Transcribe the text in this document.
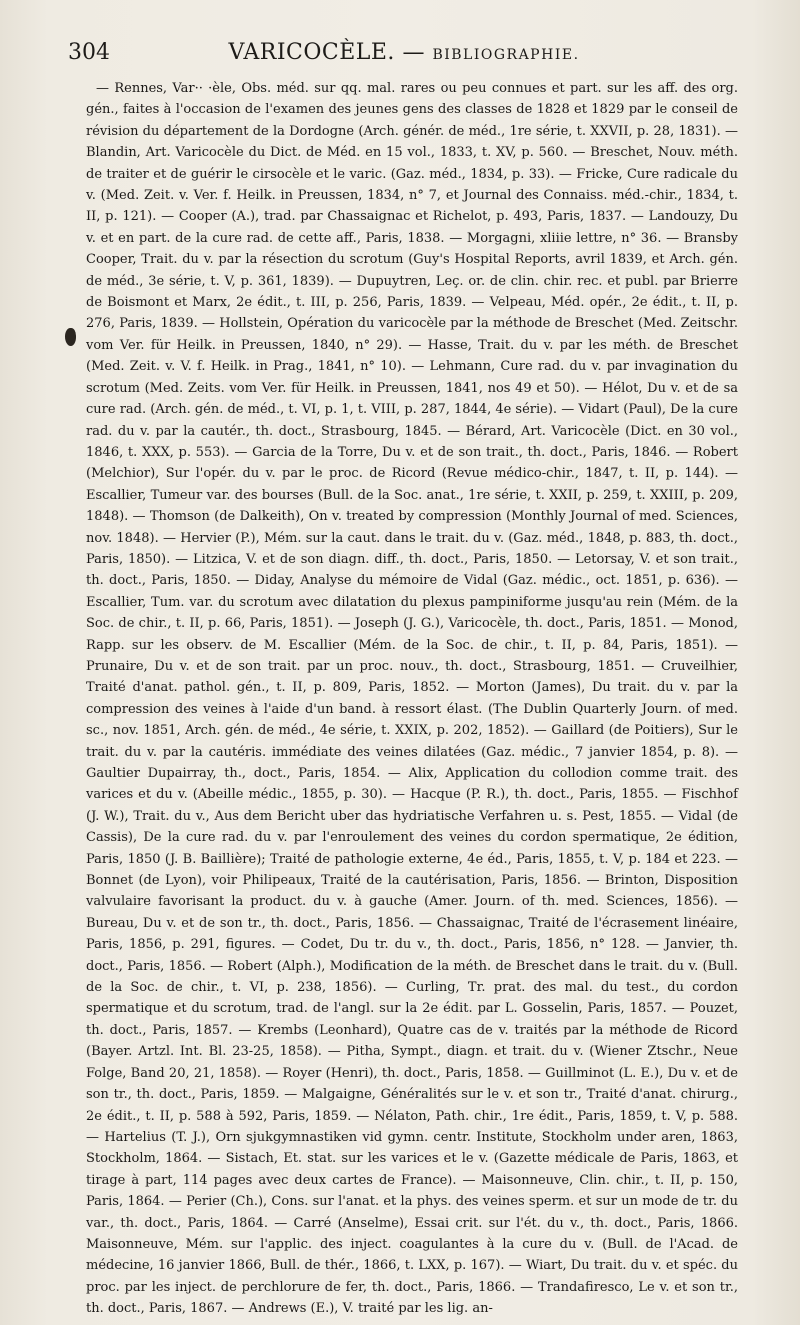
304	VARICOCÈLE. — BIBLIOGRAPHIE.

— Rennes, Var·· ·èle, Obs. méd. sur qq. mal. rares ou peu connues et part. sur les aff. des org. gén., faites à l'occasion de l'examen des jeunes gens des classes de 1828 et 1829 par le conseil de révision du département de la Dordogne (Arch. génér. de méd., 1re série, t. XXVII, p. 28, 1831). — Blandin, Art. Varicocèle du Dict. de Méd. en 15 vol., 1833, t. XV, p. 560. — Breschet, Nouv. méth. de traiter et de guérir le cirsocèle et le varic. (Gaz. méd., 1834, p. 33). — Fricke, Cure radicale du v. (Med. Zeit. v. Ver. f. Heilk. in Preussen, 1834, n° 7, et Journal des Connaiss. méd.-chir., 1834, t. II, p. 121). — Cooper (A.), trad. par Chassaignac et Richelot, p. 493, Paris, 1837. — Landouzy, Du v. et en part. de la cure rad. de cette aff., Paris, 1838. — Morgagni, xliiie lettre, n° 36. — Bransby Cooper, Trait. du v. par la résection du scrotum (Guy's Hospital Reports, avril 1839, et Arch. gén. de méd., 3e série, t. V, p. 361, 1839). — Dupuytren, Leç. or. de clin. chir. rec. et publ. par Brierre de Boismont et Marx, 2e édit., t. III, p. 256, Paris, 1839. — Velpeau, Méd. opér., 2e édit., t. II, p. 276, Paris, 1839. — Hollstein, Opération du varicocèle par la méthode de Breschet (Med. Zeitschr. vom Ver. für Heilk. in Preussen, 1840, n° 29). — Hasse, Trait. du v. par les méth. de Breschet (Med. Zeit. v. V. f. Heilk. in Prag., 1841, n° 10). — Lehmann, Cure rad. du v. par invagination du scrotum (Med. Zeits. vom Ver. für Heilk. in Preussen, 1841, nos 49 et 50). — Hélot, Du v. et de sa cure rad. (Arch. gén. de méd., t. VI, p. 1, t. VIII, p. 287, 1844, 4e série). — Vidart (Paul), De la cure rad. du v. par la cautér., th. doct., Strasbourg, 1845. — Bérard, Art. Varicocèle (Dict. en 30 vol., 1846, t. XXX, p. 553). — Garcia de la Torre, Du v. et de son trait., th. doct., Paris, 1846. — Robert (Melchior), Sur l'opér. du v. par le proc. de Ricord (Revue médico-chir., 1847, t. II, p. 144). — Escallier, Tumeur var. des bourses (Bull. de la Soc. anat., 1re série, t. XXII, p. 259, t. XXIII, p. 209, 1848). — Thomson (de Dalkeith), On v. treated by compression (Monthly Journal of med. Sciences, nov. 1848). — Hervier (P.), Mém. sur la caut. dans le trait. du v. (Gaz. méd., 1848, p. 883, th. doct., Paris, 1850). — Litzica, V. et de son diagn. diff., th. doct., Paris, 1850. — Letorsay, V. et son trait., th. doct., Paris, 1850. — Diday, Analyse du mémoire de Vidal (Gaz. médic., oct. 1851, p. 636). — Escallier, Tum. var. du scrotum avec dilatation du plexus pampiniforme jusqu'au rein (Mém. de la Soc. de chir., t. II, p. 66, Paris, 1851). — Joseph (J. G.), Varicocèle, th. doct., Paris, 1851. — Monod, Rapp. sur les observ. de M. Escallier (Mém. de la Soc. de chir., t. II, p. 84, Paris, 1851). — Prunaire, Du v. et de son trait. par un proc. nouv., th. doct., Strasbourg, 1851. — Cruveilhier, Traité d'anat. pathol. gén., t. II, p. 809, Paris, 1852. — Morton (James), Du trait. du v. par la compression des veines à l'aide d'un band. à ressort élast. (The Dublin Quarterly Journ. of med. sc., nov. 1851, Arch. gén. de méd., 4e série, t. XXIX, p. 202, 1852). — Gaillard (de Poitiers), Sur le trait. du v. par la cautéris. immédiate des veines dilatées (Gaz. médic., 7 janvier 1854, p. 8). — Gaultier Dupairray, th., doct., Paris, 1854. — Alix, Application du collodion comme trait. des varices et du v. (Abeille médic., 1855, p. 30). — Hacque (P. R.), th. doct., Paris, 1855. — Fischhof (J. W.), Trait. du v., Aus dem Bericht uber das hydriatische Verfahren u. s. Pest, 1855. — Vidal (de Cassis), De la cure rad. du v. par l'enroulement des veines du cordon spermatique, 2e édition, Paris, 1850 (J. B. Baillière); Traité de pathologie externe, 4e éd., Paris, 1855, t. V, p. 184 et 223. — Bonnet (de Lyon), voir Philipeaux, Traité de la cautérisation, Paris, 1856. — Brinton, Disposition valvulaire favorisant la product. du v. à gauche (Amer. Journ. of th. med. Sciences, 1856). — Bureau, Du v. et de son tr., th. doct., Paris, 1856. — Chassaignac, Traité de l'écrasement linéaire, Paris, 1856, p. 291, figures. — Codet, Du tr. du v., th. doct., Paris, 1856, n° 128. — Janvier, th. doct., Paris, 1856. — Robert (Alph.), Modification de la méth. de Breschet dans le trait. du v. (Bull. de la Soc. de chir., t. VI, p. 238, 1856). — Curling, Tr. prat. des mal. du test., du cordon spermatique et du scrotum, trad. de l'angl. sur la 2e édit. par L. Gosselin, Paris, 1857. — Pouzet, th. doct., Paris, 1857. — Krembs (Leonhard), Quatre cas de v. traités par la méthode de Ricord (Bayer. Artzl. Int. Bl. 23-25, 1858). — Pitha, Sympt., diagn. et trait. du v. (Wiener Ztschr., Neue Folge, Band 20, 21, 1858). — Royer (Henri), th. doct., Paris, 1858. — Guillminot (L. E.), Du v. et de son tr., th. doct., Paris, 1859. — Malgaigne, Généralités sur le v. et son tr., Traité d'anat. chirurg., 2e édit., t. II, p. 588 à 592, Paris, 1859. — Nélaton, Path. chir., 1re édit., Paris, 1859, t. V, p. 588. — Hartelius (T. J.), Orn sjukgymnastiken vid gymn. centr. Institute, Stockholm under aren, 1863, Stockholm, 1864. — Sistach, Et. stat. sur les varices et le v. (Gazette médicale de Paris, 1863, et tirage à part, 114 pages avec deux cartes de France). — Maisonneuve, Clin. chir., t. II, p. 150, Paris, 1864. — Perier (Ch.), Cons. sur l'anat. et la phys. des veines sperm. et sur un mode de tr. du var., th. doct., Paris, 1864. — Carré (Anselme), Essai crit. sur l'ét. du v., th. doct., Paris, 1866. Maisonneuve, Mém. sur l'applic. des inject. coagulantes à la cure du v. (Bull. de l'Acad. de médecine, 16 janvier 1866, Bull. de thér., 1866, t. LXX, p. 167). — Wiart, Du trait. du v. et spéc. du proc. par les inject. de perchlorure de fer, th. doct., Paris, 1866. — Trandafiresco, Le v. et son tr., th. doct., Paris, 1867. — Andrews (E.), V. traité par les lig. an-
